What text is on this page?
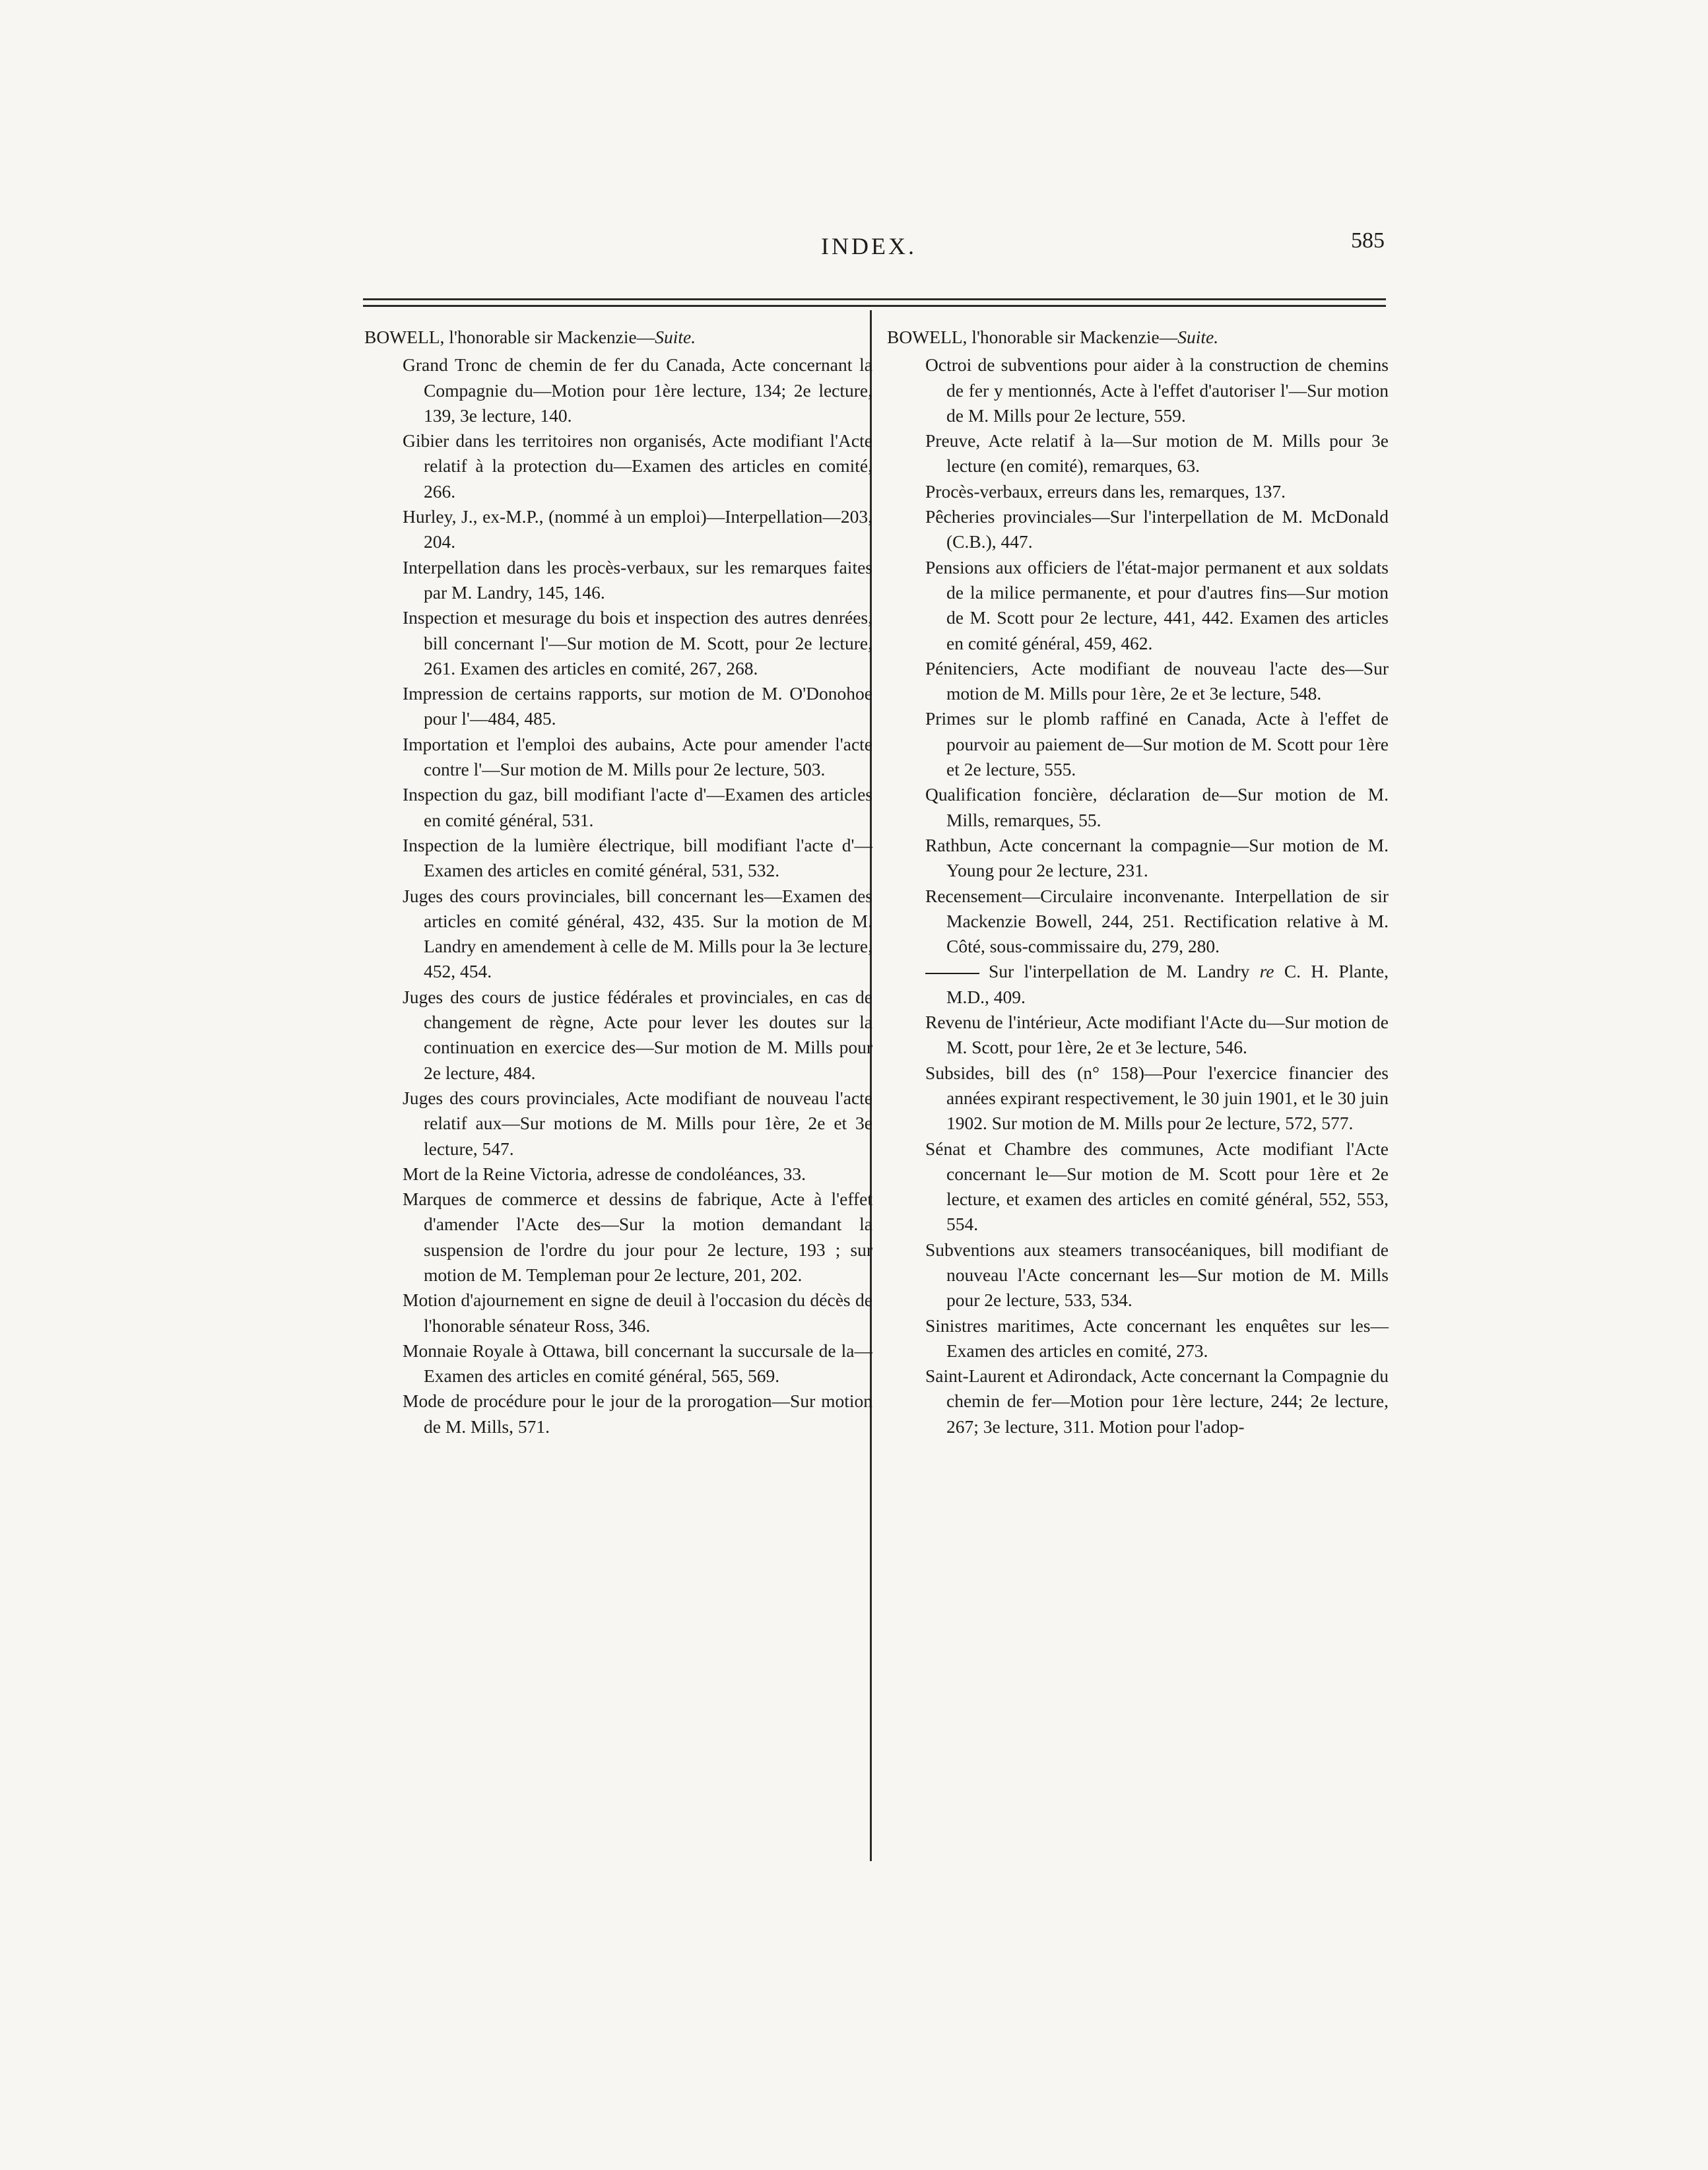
INDEX.	585

BOWELL, l'honorable sir Mackenzie—Suite.

Grand Tronc de chemin de fer du Canada, Acte concernant la Compagnie du—Motion pour 1ère lecture, 134; 2e lecture, 139, 3e lecture, 140.

Gibier dans les territoires non organisés, Acte modifiant l'Acte relatif à la protection du—Examen des articles en comité, 266.

Hurley, J., ex-M.P., (nommé à un emploi)—Interpellation—203, 204.

Interpellation dans les procès-verbaux, sur les remarques faites par M. Landry, 145, 146.

Inspection et mesurage du bois et inspection des autres denrées, bill concernant l'—Sur motion de M. Scott, pour 2e lecture, 261. Examen des articles en comité, 267, 268.

Impression de certains rapports, sur motion de M. O'Donohoe pour l'—484, 485.

Importation et l'emploi des aubains, Acte pour amender l'acte contre l'—Sur motion de M. Mills pour 2e lecture, 503.

Inspection du gaz, bill modifiant l'acte d'—Examen des articles en comité général, 531.

Inspection de la lumière électrique, bill modifiant l'acte d'—Examen des articles en comité général, 531, 532.

Juges des cours provinciales, bill concernant les—Examen des articles en comité général, 432, 435. Sur la motion de M. Landry en amendement à celle de M. Mills pour la 3e lecture, 452, 454.

Juges des cours de justice fédérales et provinciales, en cas de changement de règne, Acte pour lever les doutes sur la continuation en exercice des—Sur motion de M. Mills pour 2e lecture, 484.

Juges des cours provinciales, Acte modifiant de nouveau l'acte relatif aux—Sur motions de M. Mills pour 1ère, 2e et 3e lecture, 547.

Mort de la Reine Victoria, adresse de condoléances, 33.

Marques de commerce et dessins de fabrique, Acte à l'effet d'amender l'Acte des—Sur la motion demandant la suspension de l'ordre du jour pour 2e lecture, 193 ; sur motion de M. Templeman pour 2e lecture, 201, 202.

Motion d'ajournement en signe de deuil à l'occasion du décès de l'honorable sénateur Ross, 346.

Monnaie Royale à Ottawa, bill concernant la succursale de la—Examen des articles en comité général, 565, 569.

Mode de procédure pour le jour de la prorogation—Sur motion de M. Mills, 571.

BOWELL, l'honorable sir Mackenzie—Suite.

Octroi de subventions pour aider à la construction de chemins de fer y mentionnés, Acte à l'effet d'autoriser l'—Sur motion de M. Mills pour 2e lecture, 559.

Preuve, Acte relatif à la—Sur motion de M. Mills pour 3e lecture (en comité), remarques, 63.

Procès-verbaux, erreurs dans les, remarques, 137.

Pêcheries provinciales—Sur l'interpellation de M. McDonald (C.B.), 447.

Pensions aux officiers de l'état-major permanent et aux soldats de la milice permanente, et pour d'autres fins—Sur motion de M. Scott pour 2e lecture, 441, 442. Examen des articles en comité général, 459, 462.

Pénitenciers, Acte modifiant de nouveau l'acte des—Sur motion de M. Mills pour 1ère, 2e et 3e lecture, 548.

Primes sur le plomb raffiné en Canada, Acte à l'effet de pourvoir au paiement de—Sur motion de M. Scott pour 1ère et 2e lecture, 555.

Qualification foncière, déclaration de—Sur motion de M. Mills, remarques, 55.

Rathbun, Acte concernant la compagnie—Sur motion de M. Young pour 2e lecture, 231.

Recensement—Circulaire inconvenante. Interpellation de sir Mackenzie Bowell, 244, 251. Rectification relative à M. Côté, sous-commissaire du, 279, 280.

Sur l'interpellation de M. Landry re C. H. Plante, M.D., 409.

Revenu de l'intérieur, Acte modifiant l'Acte du—Sur motion de M. Scott, pour 1ère, 2e et 3e lecture, 546.

Subsides, bill des (n° 158)—Pour l'exercice financier des années expirant respectivement, le 30 juin 1901, et le 30 juin 1902. Sur motion de M. Mills pour 2e lecture, 572, 577.

Sénat et Chambre des communes, Acte modifiant l'Acte concernant le—Sur motion de M. Scott pour 1ère et 2e lecture, et examen des articles en comité général, 552, 553, 554.

Subventions aux steamers transocéaniques, bill modifiant de nouveau l'Acte concernant les—Sur motion de M. Mills pour 2e lecture, 533, 534.

Sinistres maritimes, Acte concernant les enquêtes sur les—Examen des articles en comité, 273.

Saint-Laurent et Adirondack, Acte concernant la Compagnie du chemin de fer—Motion pour 1ère lecture, 244; 2e lecture, 267; 3e lecture, 311. Motion pour l'adop-
